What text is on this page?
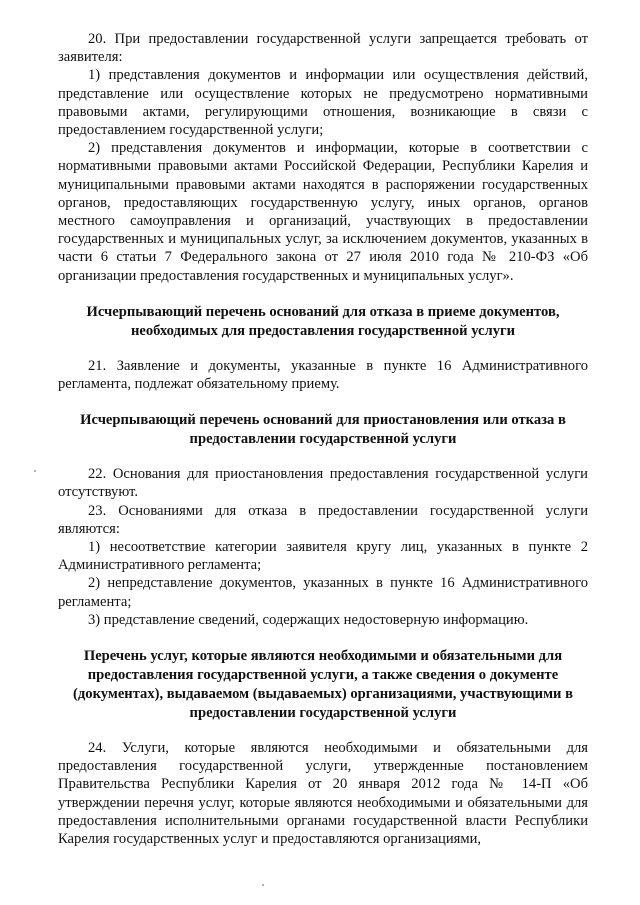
20. При предоставлении государственной услуги запрещается требовать от заявителя:

1) представления документов и информации или осуществления действий, представление или осуществление которых не предусмотрено нормативными правовыми актами, регулирующими отношения, возникающие в связи с предоставлением государственной услуги;

2) представления документов и информации, которые в соответствии с нормативными правовыми актами Российской Федерации, Республики Карелия и муниципальными правовыми актами находятся в распоряжении государственных органов, предоставляющих государственную услугу, иных органов, органов местного самоуправления и организаций, участвующих в предоставлении государственных и муниципальных услуг, за исключением документов, указанных в части 6 статьи 7 Федерального закона от 27 июля 2010 года № 210-ФЗ «Об организации предоставления государственных и муниципальных услуг».

Исчерпывающий перечень оснований для отказа в приеме документов, необходимых для предоставления государственной услуги

21. Заявление и документы, указанные в пункте 16 Административного регламента, подлежат обязательному приему.

Исчерпывающий перечень оснований для приостановления или отказа в предоставлении государственной услуги

22. Основания для приостановления предоставления государственной услуги отсутствуют.

23. Основаниями для отказа в предоставлении государственной услуги являются:

1) несоответствие категории заявителя кругу лиц, указанных в пункте 2 Административного регламента;

2) непредставление документов, указанных в пункте 16 Административного регламента;

3) представление сведений, содержащих недостоверную информацию.

Перечень услуг, которые являются необходимыми и обязательными для предоставления государственной услуги, а также сведения о документе (документах), выдаваемом (выдаваемых) организациями, участвующими в предоставлении государственной услуги

24. Услуги, которые являются необходимыми и обязательными для предоставления государственной услуги, утвержденные постановлением Правительства Республики Карелия от 20 января 2012 года № 14-П «Об утверждении перечня услуг, которые являются необходимыми и обязательными для предоставления исполнительными органами государственной власти Республики Карелия государственных услуг и предоставляются организациями,
